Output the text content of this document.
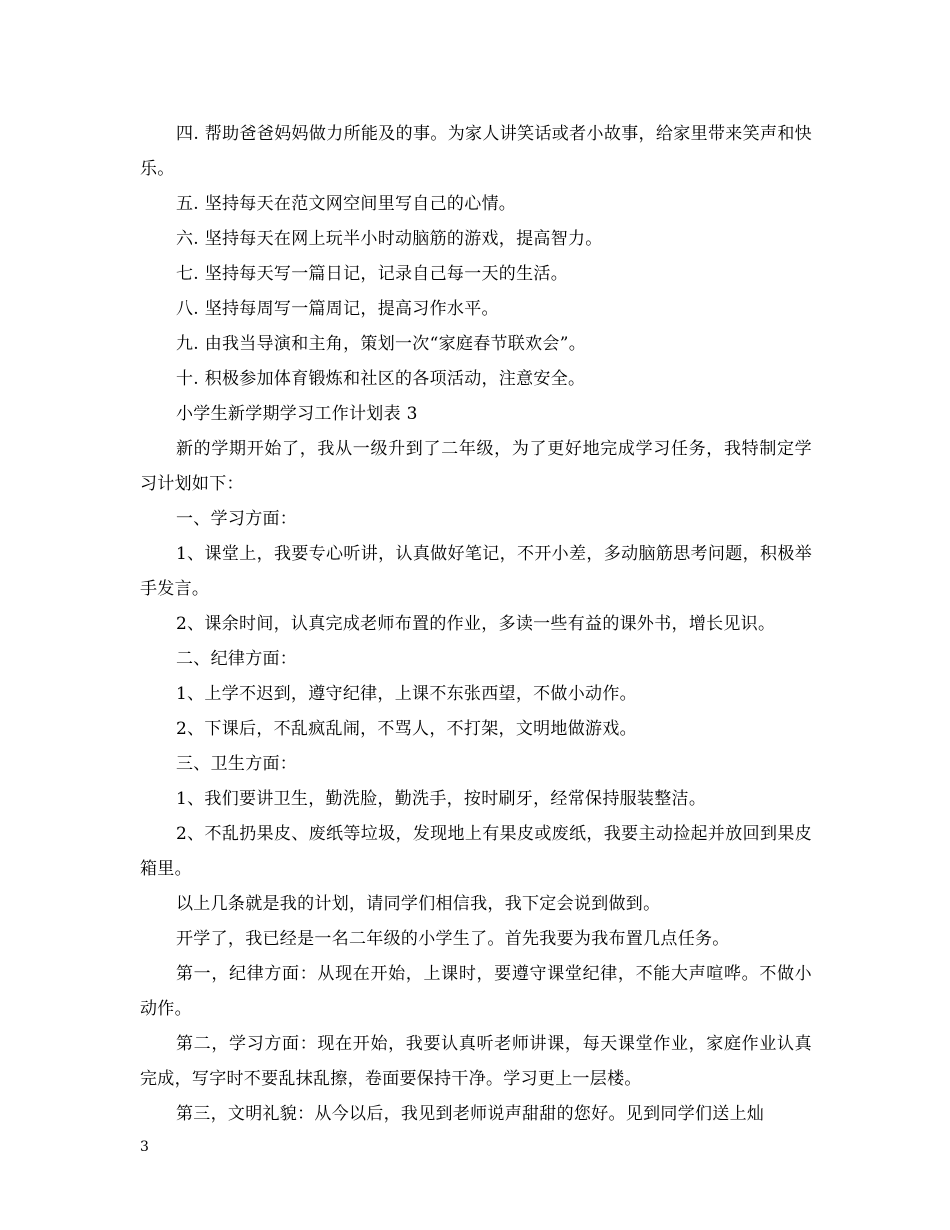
四. 帮助爸爸妈妈做力所能及的事。为家人讲笑话或者小故事，给家里带来笑声和快乐。

五. 坚持每天在范文网空间里写自己的心情。

六. 坚持每天在网上玩半小时动脑筋的游戏，提高智力。

七. 坚持每天写一篇日记，记录自己每一天的生活。

八. 坚持每周写一篇周记，提高习作水平。

九. 由我当导演和主角，策划一次“家庭春节联欢会”。

十. 积极参加体育锻炼和社区的各项活动，注意安全。

小学生新学期学习工作计划表 3

新的学期开始了，我从一级升到了二年级，为了更好地完成学习任务，我特制定学习计划如下：

一、学习方面：

1、课堂上，我要专心听讲，认真做好笔记，不开小差，多动脑筋思考问题，积极举手发言。

2、课余时间，认真完成老师布置的作业，多读一些有益的课外书，增长见识。

二、纪律方面：

1、上学不迟到，遵守纪律，上课不东张西望，不做小动作。

2、下课后，不乱疯乱闹，不骂人，不打架，文明地做游戏。

三、卫生方面：

1、我们要讲卫生，勤洗脸，勤洗手，按时刷牙，经常保持服装整洁。

2、不乱扔果皮、废纸等垃圾，发现地上有果皮或废纸，我要主动捡起并放回到果皮箱里。

以上几条就是我的计划，请同学们相信我，我下定会说到做到。

开学了，我已经是一名二年级的小学生了。首先我要为我布置几点任务。

第一，纪律方面：从现在开始，上课时，要遵守课堂纪律，不能大声喧哗。不做小动作。

第二，学习方面：现在开始，我要认真听老师讲课，每天课堂作业，家庭作业认真完成，写字时不要乱抹乱擦，卷面要保持干净。学习更上一层楼。

第三，文明礼貌：从今以后，我见到老师说声甜甜的您好。见到同学们送上灿

3
